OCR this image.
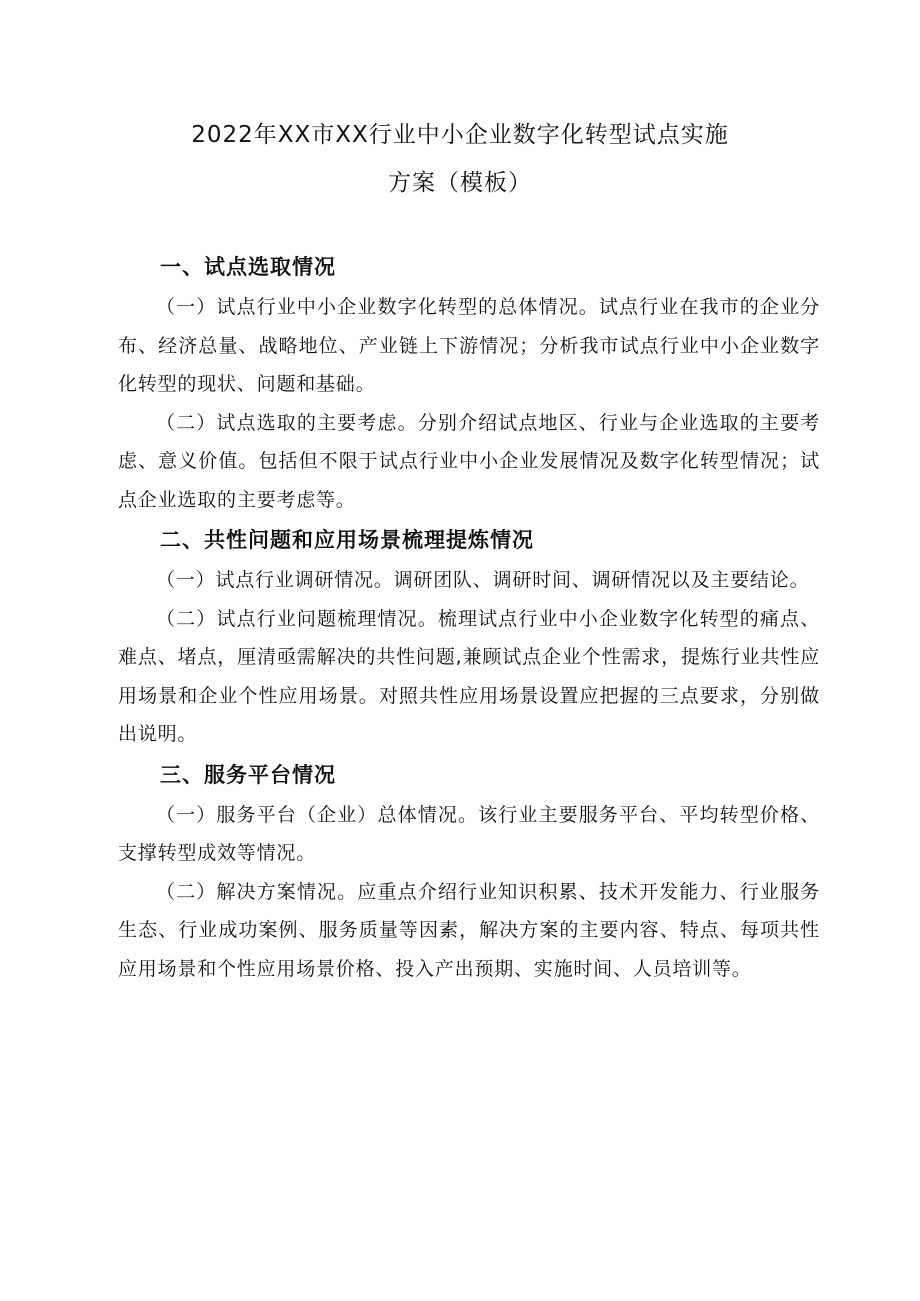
2022年XX市XX行业中小企业数字化转型试点实施
方案（模板）
一、试点选取情况

（一）试点行业中小企业数字化转型的总体情况。试点行业在我市的企业分布、经济总量、战略地位、产业链上下游情况；分析我市试点行业中小企业数字化转型的现状、问题和基础。

（二）试点选取的主要考虑。分别介绍试点地区、行业与企业选取的主要考虑、意义价值。包括但不限于试点行业中小企业发展情况及数字化转型情况；试点企业选取的主要考虑等。

二、共性问题和应用场景梳理提炼情况

（一）试点行业调研情况。调研团队、调研时间、调研情况以及主要结论。

（二）试点行业问题梳理情况。梳理试点行业中小企业数字化转型的痛点、难点、堵点，厘清亟需解决的共性问题,兼顾试点企业个性需求，提炼行业共性应用场景和企业个性应用场景。对照共性应用场景设置应把握的三点要求，分别做出说明。

三、服务平台情况

（一）服务平台（企业）总体情况。该行业主要服务平台、平均转型价格、支撑转型成效等情况。

（二）解决方案情况。应重点介绍行业知识积累、技术开发能力、行业服务生态、行业成功案例、服务质量等因素，解决方案的主要内容、特点、每项共性应用场景和个性应用场景价格、投入产出预期、实施时间、人员培训等。
